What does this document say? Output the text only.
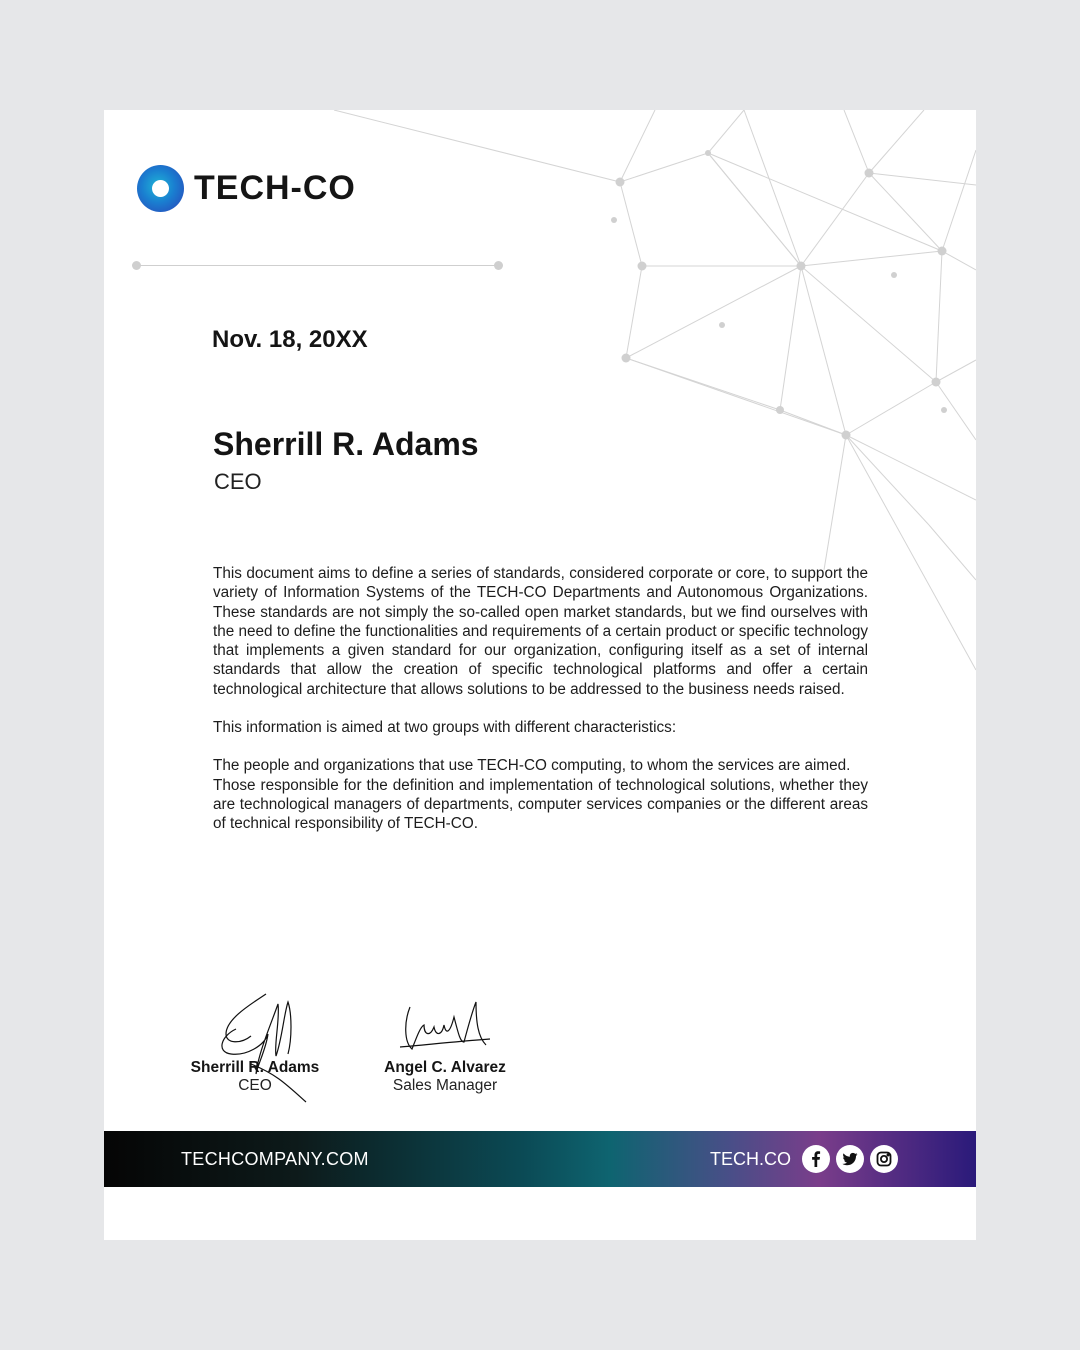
TECH-CO
Nov. 18, 20XX
Sherrill R. Adams
CEO

This document aims to define a series of standards, considered corporate or core, to support the variety of Information Systems of the TECH-CO Departments and Autonomous Organizations. These standards are not simply the so-called open market standards, but we find ourselves with the need to define the functionalities and requirements of a certain product or specific technology that implements a given standard for our organization, configuring itself as a set of internal standards that allow the creation of specific technological platforms and offer a certain technological architecture that allows solutions to be addressed to the business needs raised.

This information is aimed at two groups with different characteristics:

The people and organizations that use TECH-CO computing, to whom the services are aimed.

Those responsible for the definition and implementation of technological solutions, whether they are technological managers of departments, computer services companies or the different areas of technical responsibility of TECH-CO.

Sherrill R. Adams
CEO
Angel C. Alvarez
Sales Manager
TECHCOMPANY.COM	TECH.CO
